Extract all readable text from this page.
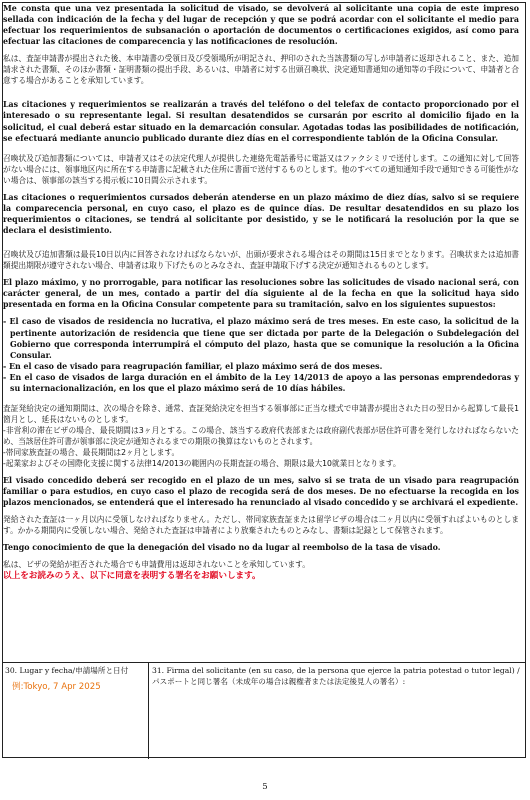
Me consta que una vez presentada la solicitud de visado, se devolverá al solicitante una copia de este impreso sellada con indicación de la fecha y del lugar de recepción y que se podrá acordar con el solicitante el medio para efectuar los requerimientos de subsanación o aportación de documentos o certificaciones exigidos, así como para efectuar las citaciones de comparecencia y las notificaciones de resolución.

私は、査証申請書が提出された後、本申請書の受領日及び受領場所が明記され、押印のされた当該書類の写しが申請者に返却されること、また、追加請求された書類、そのほか書類・証明書類の提出手段、あるいは、申請者に対する出頭召喚状、決定通知書通知の通知等の手段について、申請者と合意する場合があることを承知しています。

Las citaciones y requerimientos se realizarán a través del teléfono o del telefax de contacto proporcionado por el interesado o su representante legal. Si resultan desatendidos se cursarán por escrito al domicilio fijado en la solicitud, el cual deberá estar situado en la demarcación consular. Agotadas todas las posibilidades de notificación, se efectuará mediante anuncio publicado durante diez días en el correspondiente tablón de la Oficina Consular.

召喚状及び追加書類については、申請者又はその法定代理人が提供した連絡先電話番号に電話又はファクシミリで送付します。この通知に対して回答がない場合には、領事地区内に所在する申請書に記載された住所に書面で送付するものとします。他のすべての通知通知手段で通知できる可能性がない場合は、領事部の該当する掲示板に10日間公示されます。

Las citaciones o requerimientos cursados deberán atenderse en un plazo máximo de diez días, salvo si se requiere la comparecencia personal, en cuyo caso, el plazo es de quince días. De resultar desatendidos en su plazo los requerimientos o citaciones, se tendrá al solicitante por desistido, y se le notificará la resolución por la que se declara el desistimiento.

召喚状及び追加書類は最長10日以内に回答されなければならないが、出頭が要求される場合はその期間は15日までとなります。召喚状または追加書類提出期限が遵守されない場合、申請者は取り下げたものとみなされ、査証申請取下げする決定が通知されるものとします。

El plazo máximo, y no prorrogable, para notificar las resoluciones sobre las solicitudes de visado nacional será, con carácter general, de un mes, contado a partir del día siguiente al de la fecha en que la solicitud haya sido presentada en forma en la Oficina Consular competente para su tramitación, salvo en los siguientes supuestos:

- El caso de visados de residencia no lucrativa, el plazo máximo será de tres meses. En este caso, la solicitud de la pertinente autorización de residencia que tiene que ser dictada por parte de la Delegación o Subdelegación del Gobierno que corresponda interrumpirá el cómputo del plazo, hasta que se comunique la resolución a la Oficina Consular.
- En el caso de visado para reagrupación familiar, el plazo máximo será de dos meses.
- En el caso de visados de larga duración en el ámbito de la Ley 14/2013 de apoyo a las personas emprendedoras y su internacionalización, en los que el plazo máximo será de 10 días hábiles.

査証発給決定の通知期間は、次の場合を除き、通常、査証発給決定を担当する領事部に正当な様式で申請書が提出された日の翌日から起算して最長1箇月とし、延長はないものとします。

-非営利の滞在ビザの場合、最長期間は3ヶ月とする。この場合、該当する政府代表部または政府副代表部が居住許可書を発行しなければならないため、当該居住許可書が領事部に決定が通知されるまでの期限の換算はないものとされます。

-帯同家族査証の場合、最長期間は2ヶ月とします。

-起業家およびその国際化支援に関する法律14/2013の範囲内の長期査証の場合、期限は最大10就業日となります。

El visado concedido deberá ser recogido en el plazo de un mes, salvo si se trata de un visado para reagrupación familiar o para estudios, en cuyo caso el plazo de recogida será de dos meses. De no efectuarse la recogida en los plazos mencionados, se entenderá que el interesado ha renunciado al visado concedido y se archivará el expediente.

発給された査証は一ヶ月以内に受領しなければなりません。ただし、帯同家族査証または留学ビザの場合は二ヶ月以内に受領すればよいものとします。かかる期間内に受領しない場合、発給された査証は申請者により放棄されたものとみなし、書類は記録として保管されます。

Tengo conocimiento de que la denegación del visado no da lugar al reembolso de la tasa de visado.

私は、ビザの発給が拒否された場合でも申請費用は返却されないことを承知しています。

以上をお読みのうえ、以下に同意を表明する署名をお願いします。

30. Lugar y fecha/申請場所と日付
例:Tokyo, 7 Apr 2025
31. Firma del solicitante (en su caso, de la persona que ejerce la patria potestad o tutor legal) / パスポートと同じ署名（未成年の場合は親権者または法定後見人の署名）:
5
